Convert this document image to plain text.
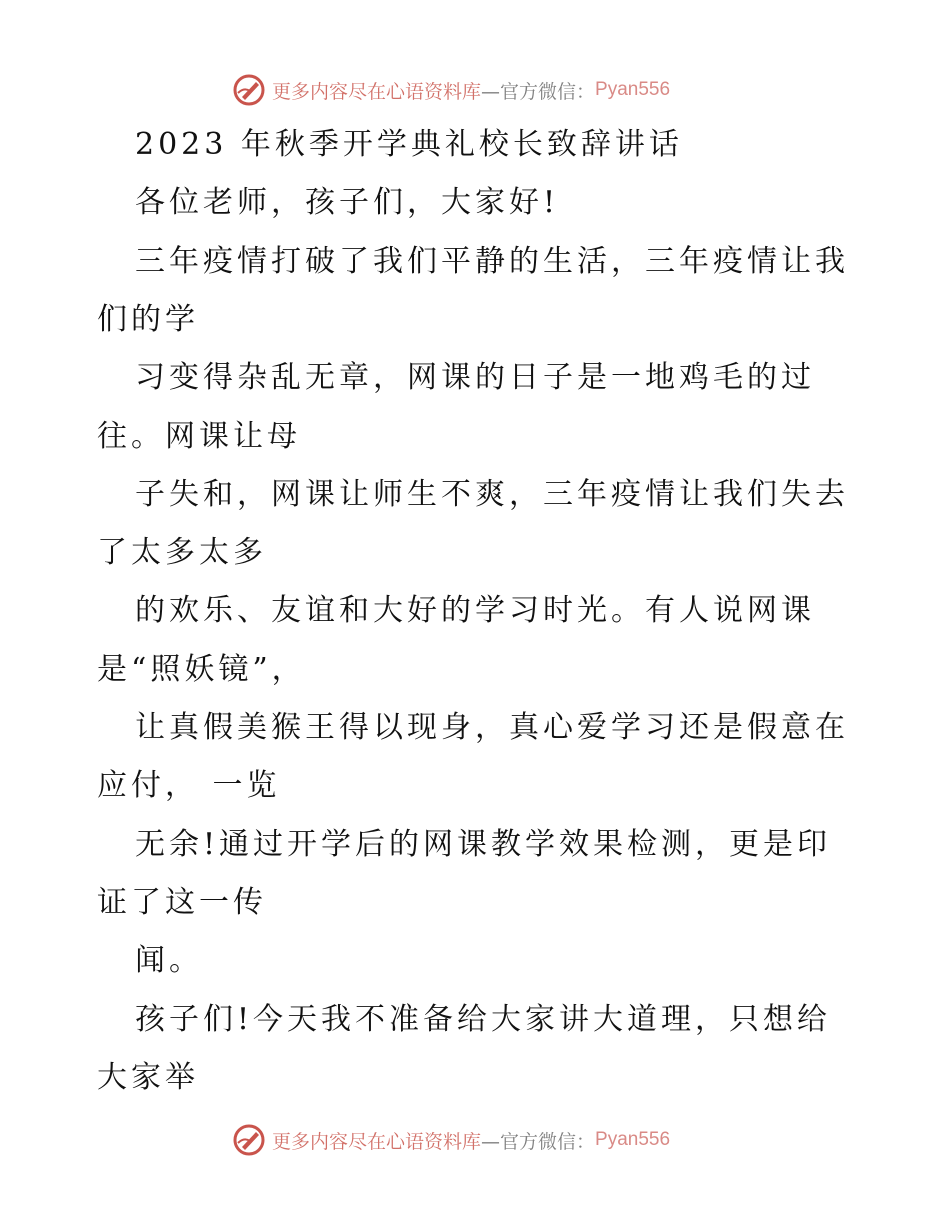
更多内容尽在心语资料库 —官方微信： Pyan556
2023 年秋季开学典礼校长致辞讲话
各位老师，孩子们，大家好!
三年疫情打破了我们平静的生活，三年疫情让我
们的学
习变得杂乱无章，网课的日子是一地鸡毛的过
往。网课让母
子失和，网课让师生不爽，三年疫情让我们失去
了太多太多
的欢乐、友谊和大好的学习时光。有人说网课
是“照妖镜”，
让真假美猴王得以现身，真心爱学习还是假意在
应付， 一览
无余!通过开学后的网课教学效果检测，更是印
证了这一传
闻。
孩子们!今天我不准备给大家讲大道理，只想给
大家举
更多内容尽在心语资料库 —官方微信： Pyan556
